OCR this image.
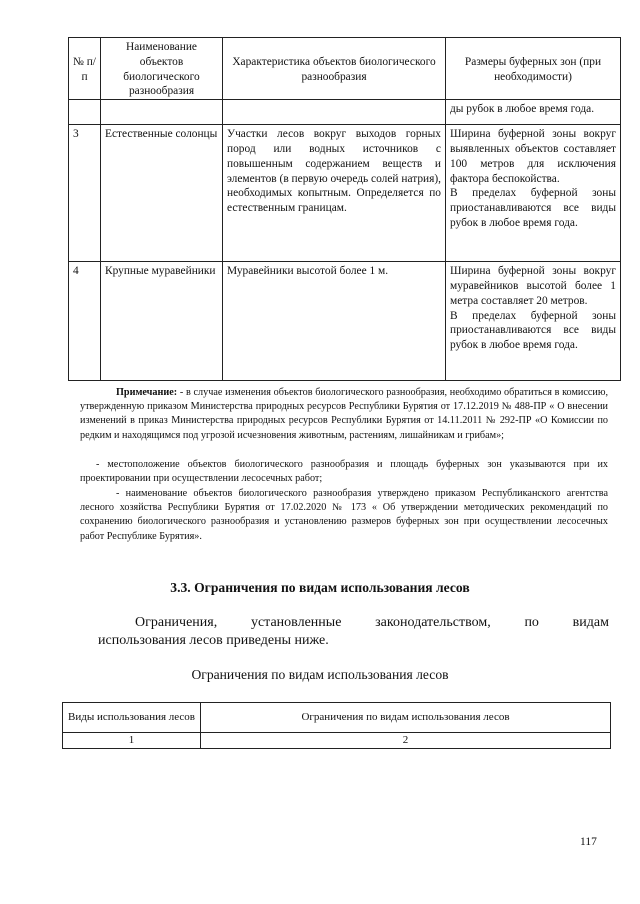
№ п/п	Наименование объектов биологического разнообразия	Характеристика объектов биологического разнообразия	Размеры буферных зон (при необходимости)
			ды рубок в любое время года.
3	Естественные солонцы	Участки лесов вокруг выходов горных пород или водных источников с повышенным содержанием веществ и элементов (в первую очередь солей натрия), необходимых копытным. Определяется по естественным границам.	Ширина буферной зоны вокруг выявленных объектов составляет 100 метров для исключения фактора беспокойства.
В пределах буферной зоны приостанавливаются все виды рубок в любое время года.

4	Крупные муравейники	Муравейники высотой более 1 м.	Ширина буферной зоны вокруг муравейников высотой более 1 метра составляет 20 метров.
В пределах буферной зоны приостанавливаются все виды рубок в любое время года.
Примечание: - в случае изменения объектов биологического разнообразия, необходимо обратиться в комиссию, утвержденную приказом Министерства природных ресурсов Республики Бурятия от 17.12.2019 № 488-ПР « О внесении изменений в приказ Министерства природных ресурсов Республики Бурятия от 14.11.2011 № 292-ПР «О Комиссии по редким и находящимся под угрозой исчезновения животным, растениям, лишайникам и грибам»;
- местоположение объектов биологического разнообразия и площадь буферных зон указываются при их проектировании при осуществлении лесосечных работ;
- наименование объектов биологического разнообразия утверждено приказом Республиканского агентства лесного хозяйства Республики Бурятия от 17.02.2020 № 173 « Об утверждении методических рекомендаций по сохранению биологического разнообразия и установлению размеров буферных зон при осуществлении лесосечных работ Республике Бурятия».
3.3. Ограничения по видам использования лесов
Ограничения, установленные законодательством, по видам
использования лесов приведены ниже.
Ограничения по видам использования лесов
Виды использования лесов	Ограничения по видам использования лесов
1	2
117
